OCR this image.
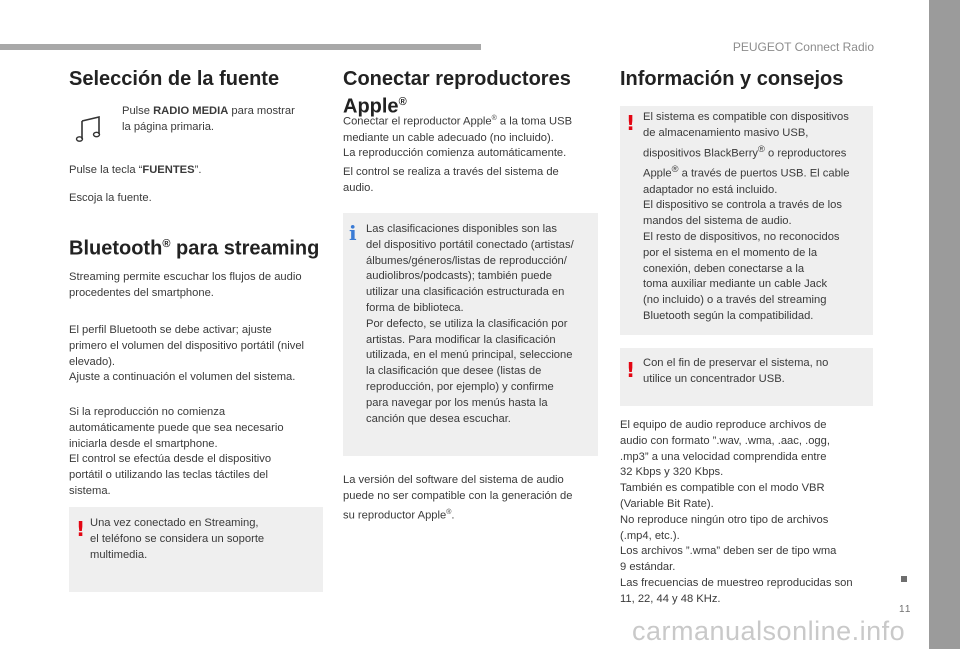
PEUGEOT Connect Radio
11
carmanualsonline.info
Selección de la fuente

Pulse RADIO MEDIA para mostrar
la página primaria.

Pulse la tecla “FUENTES”.

Escoja la fuente.

Bluetooth® para streaming

Streaming permite escuchar los flujos de audio
procedentes del smartphone.

El perfil Bluetooth se debe activar; ajuste
primero el volumen del dispositivo portátil (nivel
elevado).
Ajuste a continuación el volumen del sistema.

Si la reproducción no comienza
automáticamente puede que sea necesario
iniciarla desde el smartphone.
El control se efectúa desde el dispositivo
portátil o utilizando las teclas táctiles del
sistema.

! Una vez conectado en Streaming,
el teléfono se considera un soporte
multimedia.
Conectar reproductores
Apple®

Conectar el reproductor Apple® a la toma USB
mediante un cable adecuado (no incluido).
La reproducción comienza automáticamente.

El control se realiza a través del sistema de
audio.

i Las clasificaciones disponibles son las
del dispositivo portátil conectado (artistas/
álbumes/géneros/listas de reproducción/
audiolibros/podcasts); también puede
utilizar una clasificación estructurada en
forma de biblioteca.
Por defecto, se utiliza la clasificación por
artistas. Para modificar la clasificación
utilizada, en el menú principal, seleccione
la clasificación que desee (listas de
reproducción, por ejemplo) y confirme
para navegar por los menús hasta la
canción que desea escuchar.

La versión del software del sistema de audio
puede no ser compatible con la generación de
su reproductor Apple®.

Información y consejos
! El sistema es compatible con dispositivos
de almacenamiento masivo USB,
dispositivos BlackBerry® o reproductores
Apple® a través de puertos USB. El cable
adaptador no está incluido.
El dispositivo se controla a través de los
mandos del sistema de audio.
El resto de dispositivos, no reconocidos
por el sistema en el momento de la
conexión, deben conectarse a la
toma auxiliar mediante un cable Jack
(no incluido) o a través del streaming
Bluetooth según la compatibilidad.
! Con el fin de preservar el sistema, no
utilice un concentrador USB.

El equipo de audio reproduce archivos de
audio con formato ”.wav, .wma, .aac, .ogg,
.mp3” a una velocidad comprendida entre
32 Kbps y 320 Kbps.
También es compatible con el modo VBR
(Variable Bit Rate).
No reproduce ningún otro tipo de archivos
(.mp4, etc.).
Los archivos ”.wma” deben ser de tipo wma
9 estándar.
Las frecuencias de muestreo reproducidas son
11, 22, 44 y 48 KHz.
